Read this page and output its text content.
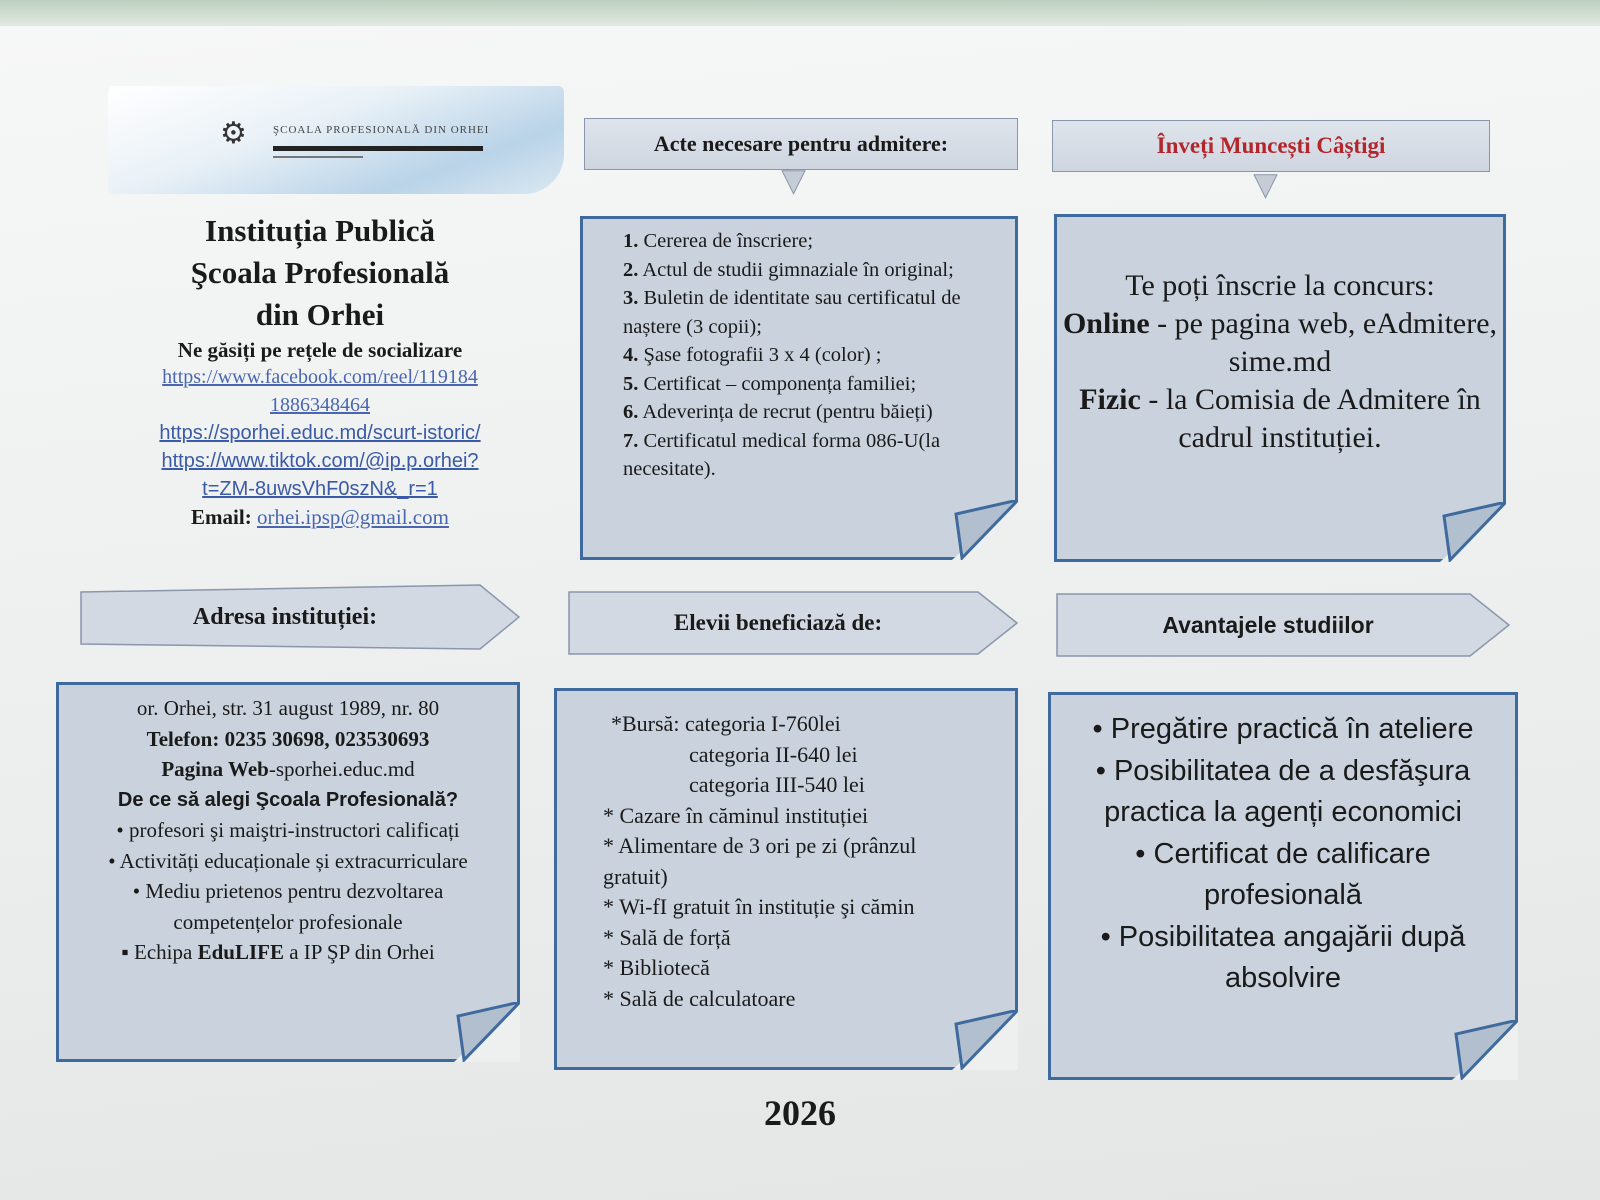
⚙ ŞCOALA PROFESIONALĂ DIN ORHEI
Instituția Publică
Şcoala Profesională
din Orhei
Ne găsiți pe rețele de socializare
https://www.facebook.com/reel/119184
1886348464
https://sporhei.educ.md/scurt-istoric/
https://www.tiktok.com/@ip.p.orhei?
t=ZM-8uwsVhF0szN&_r=1
Email: orhei.ipsp@gmail.com
Acte necesare pentru admitere:
▼
Înveți Muncești Câștigi
▼
1. Cererea de înscriere;
2. Actul de studii gimnaziale în original;
3. Buletin de identitate sau certificatul de naștere (3 copii);
4. Şase fotografii 3 x 4 (color) ;
5. Certificat – componența familiei;
6. Adeverința de recrut (pentru băieți)
7. Certificatul medical forma 086-U(la necesitate).
Te poți înscrie la concurs:
Online - pe pagina web, eAdmitere, sime.md
Fizic - la Comisia de Admitere în cadrul instituției.
Adresa instituției:	Elevii beneficiază de:	Avantajele studiilor
or. Orhei, str. 31 august 1989, nr. 80
Telefon: 0235 30698, 023530693
Pagina Web-sporhei.educ.md
De ce să alegi Şcoala Profesională?
• profesori şi maiştri-instructori calificați
• Activități educaționale și extracurriculare
• Mediu prietenos pentru dezvoltarea competențelor profesionale
▪ Echipa EduLIFE a IP ŞP din Orhei
*Bursă: categoria I-760lei
categoria II-640 lei
categoria III-540 lei
* Cazare în căminul instituției
* Alimentare de 3 ori pe zi (prânzul gratuit)
* Wi-fI gratuit în instituție şi cămin
* Sală de forță
* Bibliotecă
* Sală de calculatoare
• Pregătire practică în ateliere
• Posibilitatea de a desfăşura practica la agenți economici
• Certificat de calificare profesională
• Posibilitatea angajării după absolvire
2026
